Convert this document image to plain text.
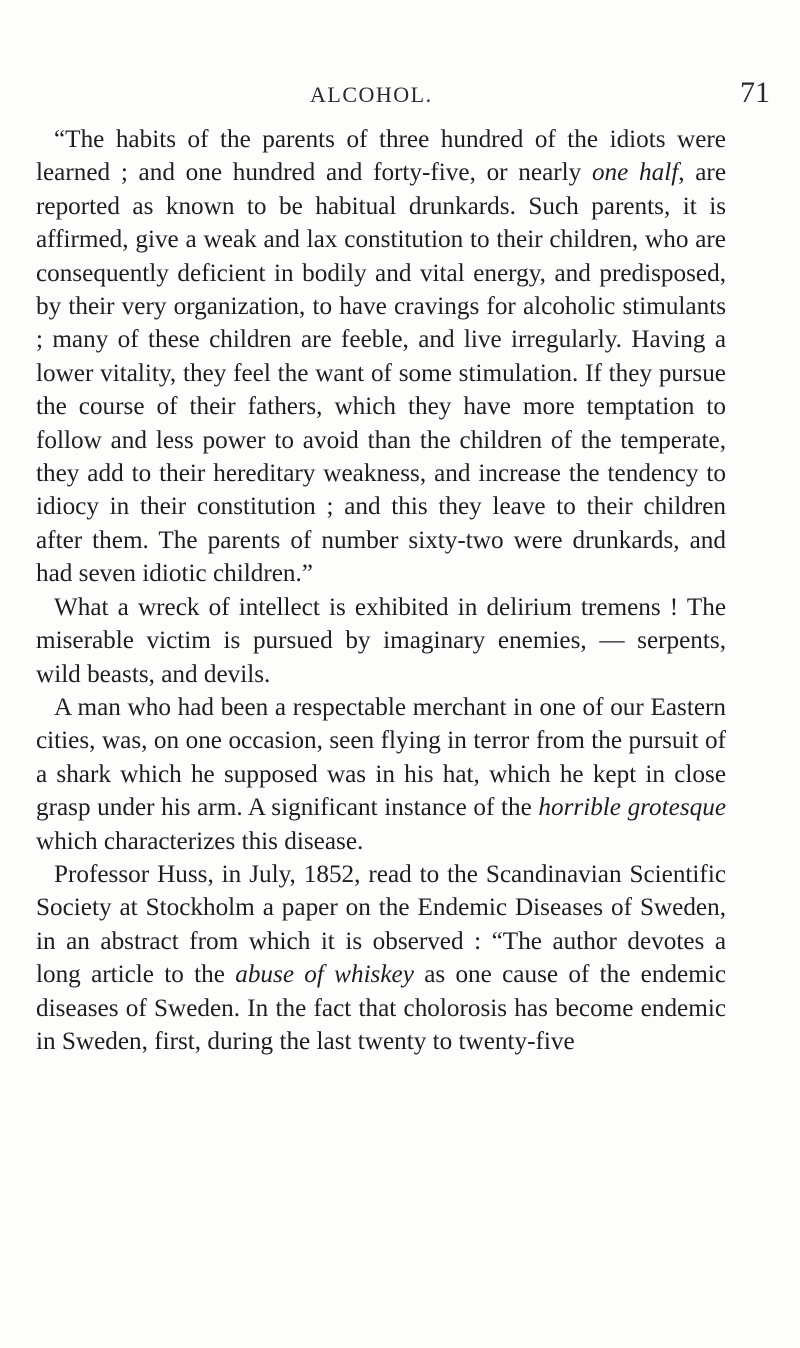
ALCOHOL.	71

“The habits of the parents of three hundred of the idiots were learned ; and one hundred and forty-five, or nearly one half, are reported as known to be habitual drunkards. Such parents, it is affirmed, give a weak and lax constitution to their children, who are consequently deficient in bodily and vital energy, and predisposed, by their very organization, to have cravings for alcoholic stimulants ; many of these children are feeble, and live irregularly. Having a lower vitality, they feel the want of some stimulation. If they pursue the course of their fathers, which they have more temptation to follow and less power to avoid than the children of the temperate, they add to their hereditary weakness, and increase the tendency to idiocy in their constitution ; and this they leave to their children after them. The parents of number sixty-two were drunkards, and had seven idiotic children.”

What a wreck of intellect is exhibited in delirium tremens ! The miserable victim is pursued by imaginary enemies, — serpents, wild beasts, and devils.

A man who had been a respectable merchant in one of our Eastern cities, was, on one occasion, seen flying in terror from the pursuit of a shark which he supposed was in his hat, which he kept in close grasp under his arm. A significant instance of the horrible grotesque which characterizes this disease.

Professor Huss, in July, 1852, read to the Scandinavian Scientific Society at Stockholm a paper on the Endemic Diseases of Sweden, in an abstract from which it is observed : “The author devotes a long article to the abuse of whiskey as one cause of the endemic diseases of Sweden. In the fact that cholorosis has become endemic in Sweden, first, during the last twenty to twenty-five
